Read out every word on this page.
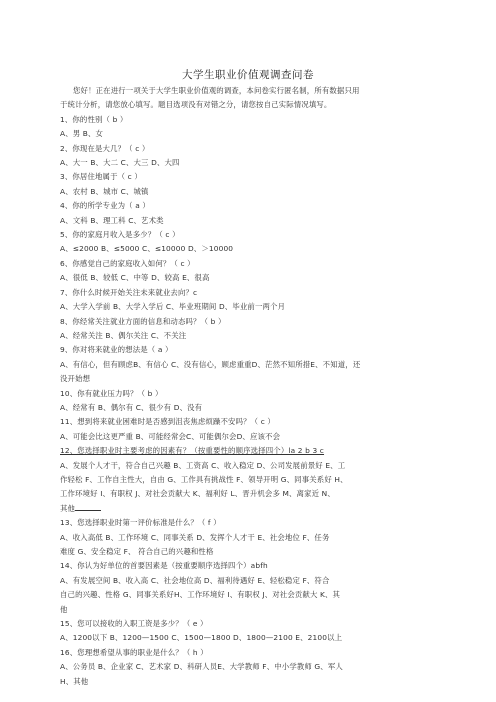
大学生职业价值观调查问卷
您好！正在进行一项关于大学生职业价值观的调查，本问卷实行匿名制，所有数据只用
于统计分析，请您放心填写。题目选项没有对错之分，请您按自己实际情况填写。
1、你的性别（ b ）
A、男 B、女
2、你现在是大几？（ c ）
A、大一 B、大二 C、大三 D、大四
3、你居住地属于（ c ）
A、农村 B、城市 C、城镇
4、你的所学专业为（ a ）
A、文科 B、理工科 C、艺术类
5、你的家庭月收入是多少？（ c ）
A、≤2000 B、≤5000 C、≤10000 D、＞10000
6、你感觉自己的家庭收入如何？（ c ）
A、很低 B、较低 C、中等 D、较高 E、很高
7、你什么时候开始关注未来就业去向？c
A、大学入学前 B、大学入学后 C、毕业班期间 D、毕业前一两个月
8、你经常关注就业方面的信息和动态吗？（ b ）
A、经常关注 B、偶尔关注 C、不关注
9、你对将来就业的想法是（ a ）
A、有信心，但有顾虑B、有信心 C、没有信心，顾虑重重D、茫然不知所措E、不知道，还
没开始想
10、你有就业压力吗？（ b ）
A、经常有 B、偶尔有 C、很少有 D、没有
11、想到将来就业困难时是否感到沮丧焦虑烦躁不安吗？（ c ）
A、可能会比这更严重 B、可能经常会C、可能偶尔会D、应该不会
12、您选择职业时主要考虑的因素有？（按重要性的顺序选择四个）la 2 b 3 c
A、发展个人才干，符合自己兴趣 B、工资高 C、收入稳定 D、公司发展前景好 E、工
作轻松 F、工作自主性大，自由 G、工作具有挑战性 F、领导开明 G、同事关系好 H、
工作环境好 I、有职权 J、对社会贡献大 K、福利好 L、晋升机会多 M、离家近 N、
其他
13、您选择职业时第一评价标准是什么？（ f ）
A、收入高低 B、工作环境 C、同事关系 D、发挥个人才干 E、社会地位 F、任务
难度 G、安全稳定 F、 符合自己的兴趣和性格
14、你认为好单位的首要因素是（按重要顺序选择四个）abfh
A、有发展空间 B、收入高 C、社会地位高 D、福利待遇好 E、轻松稳定 F、符合
自己的兴趣、性格 G、同事关系好H、工作环境好 I、有职权 J、对社会贡献大 K、其
他
15、您可以接收的入职工资是多少？（ e ）
A、1200以下 B、1200—1500 C、1500—1800 D、1800—2100 E、2100以上
16、您理想希望从事的职业是什么？（ h ）
A、公务员 B、企业家 C、艺术家 D、科研人员E、大学教师 F、中小学教师 G、军人
H、其他
